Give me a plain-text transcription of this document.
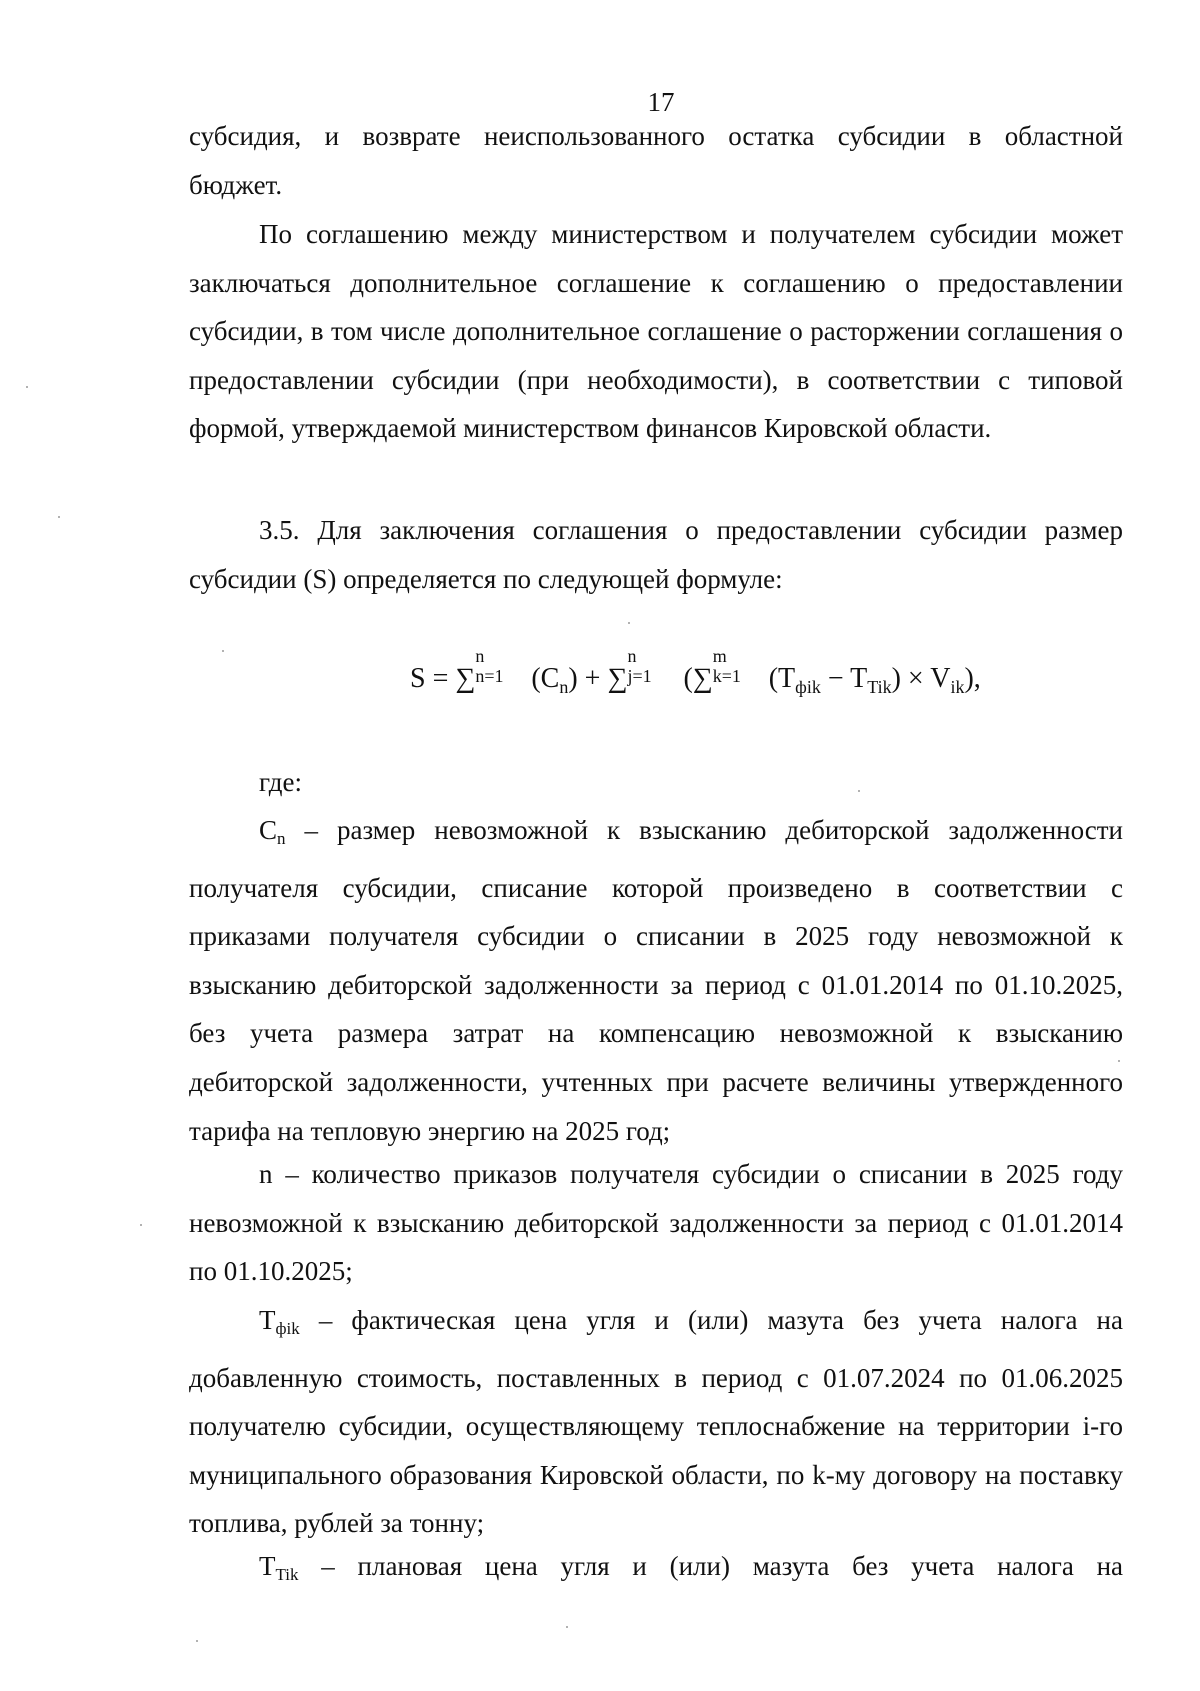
17

субсидия, и возврате неиспользованного остатка субсидии в областной

бюджет.

По соглашению между министерством и получателем субсидии может заключаться дополнительное соглашение к соглашению о предоставлении субсидии, в том числе дополнительное соглашение о расторжении соглашения о предоставлении субсидии (при необходимости), в соответствии с типовой формой, утверждаемой министерством финансов Кировской области.

3.5. Для заключения соглашения о предоставлении субсидии размер субсидии (S) определяется по следующей формуле:

S = ∑
n
n=1 $(C_n)$ + ∑
n
j=1 (∑
m
k=1 $(T_{фik} - T_{Tik}) \times V_{ik}$),

где:

Cn – размер невозможной к взысканию дебиторской задолженности получателя субсидии, списание которой произведено в соответствии с приказами получателя субсидии о списании в 2025 году невозможной к взысканию дебиторской задолженности за период с 01.01.2014 по 01.10.2025, без учета размера затрат на компенсацию невозможной к взысканию дебиторской задолженности, учтенных при расчете величины утвержденного тарифа на тепловую энергию на 2025 год;

n – количество приказов получателя субсидии о списании в 2025 году невозможной к взысканию дебиторской задолженности за период с 01.01.2014 по 01.10.2025;

Tфik – фактическая цена угля и (или) мазута без учета налога на добавленную стоимость, поставленных в период с 01.07.2024 по 01.06.2025 получателю субсидии, осуществляющему теплоснабжение на территории i-го муниципального образования Кировской области, по k-му договору на поставку топлива, рублей за тонну;

TTik – плановая цена угля и (или) мазута без учета налога на
